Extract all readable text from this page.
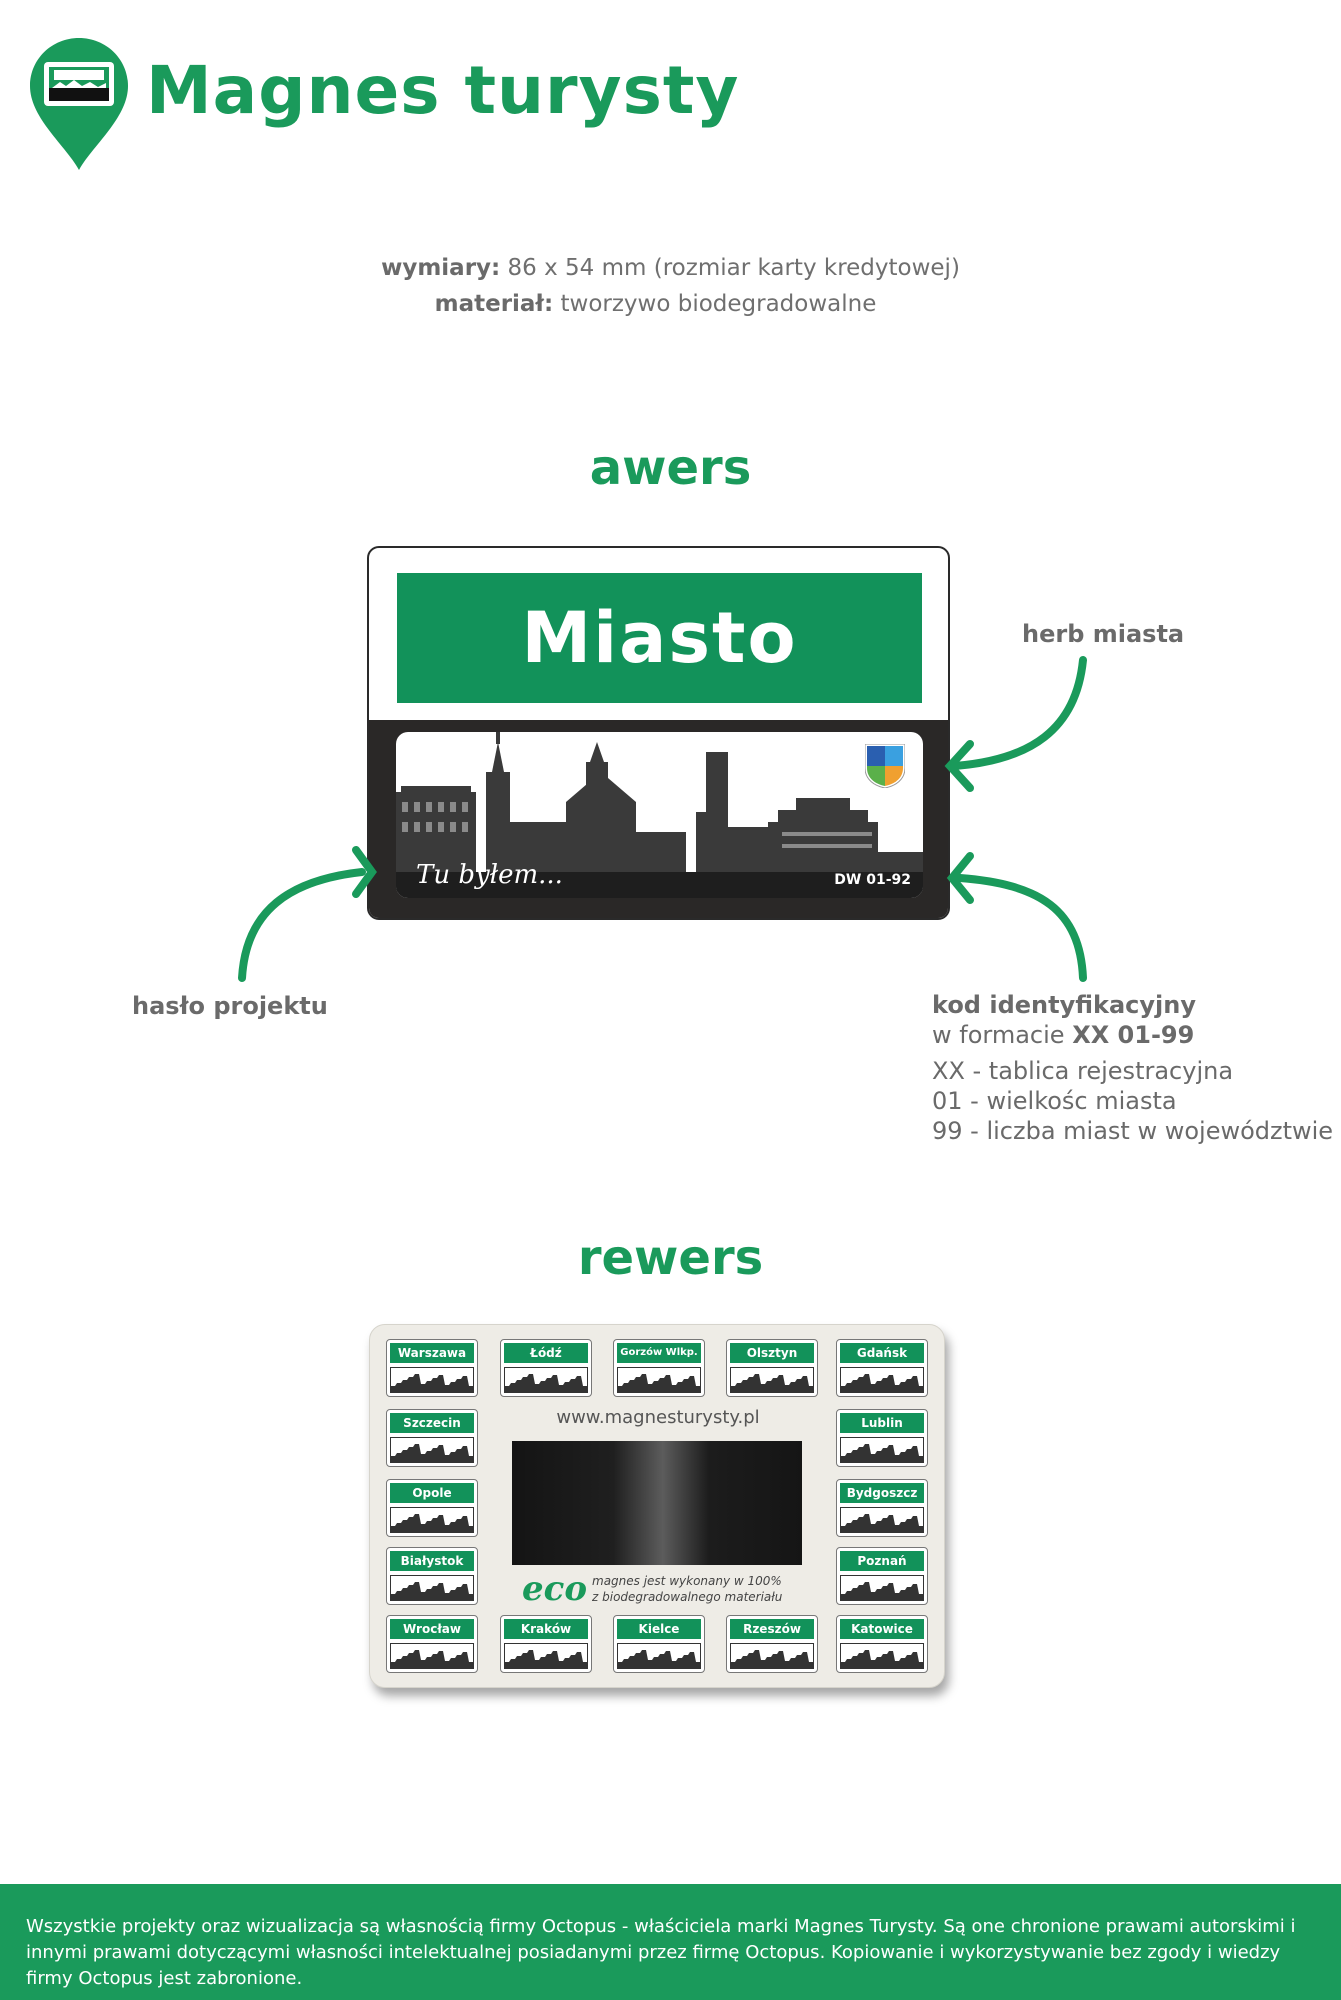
Magnes turysty
wymiary: 86 x 54 mm (rozmiar karty kredytowej)
materiał: tworzywo biodegradowalne
awers
Miasto
Tu byłem...	DW 01-92
herb miasta
hasło projektu	kod identyfikacyjny
w formacie XX 01-99
XX - tablica rejestracyjna
01 - wielkośc miasta
99 - liczba miast w województwie
rewers
Warszawa	Łódź	Gorzów Wlkp.	Olsztyn	Gdańsk
Szczecin	Lublin
Opole	Bydgoszcz
Białystok	Poznań
Wrocław	Kraków	Kielce	Rzeszów	Katowice
www.magnesturysty.pl
eco magnes jest wykonany w 100%
z biodegradowalnego materiału

Wszystkie projekty oraz wizualizacja są własnością firmy Octopus - właściciela marki Magnes Turysty. Są one chronione prawami autorskimi i innymi prawami dotyczącymi własności intelektualnej posiadanymi przez firmę Octopus. Kopiowanie i wykorzystywanie bez zgody i wiedzy firmy Octopus jest zabronione.
